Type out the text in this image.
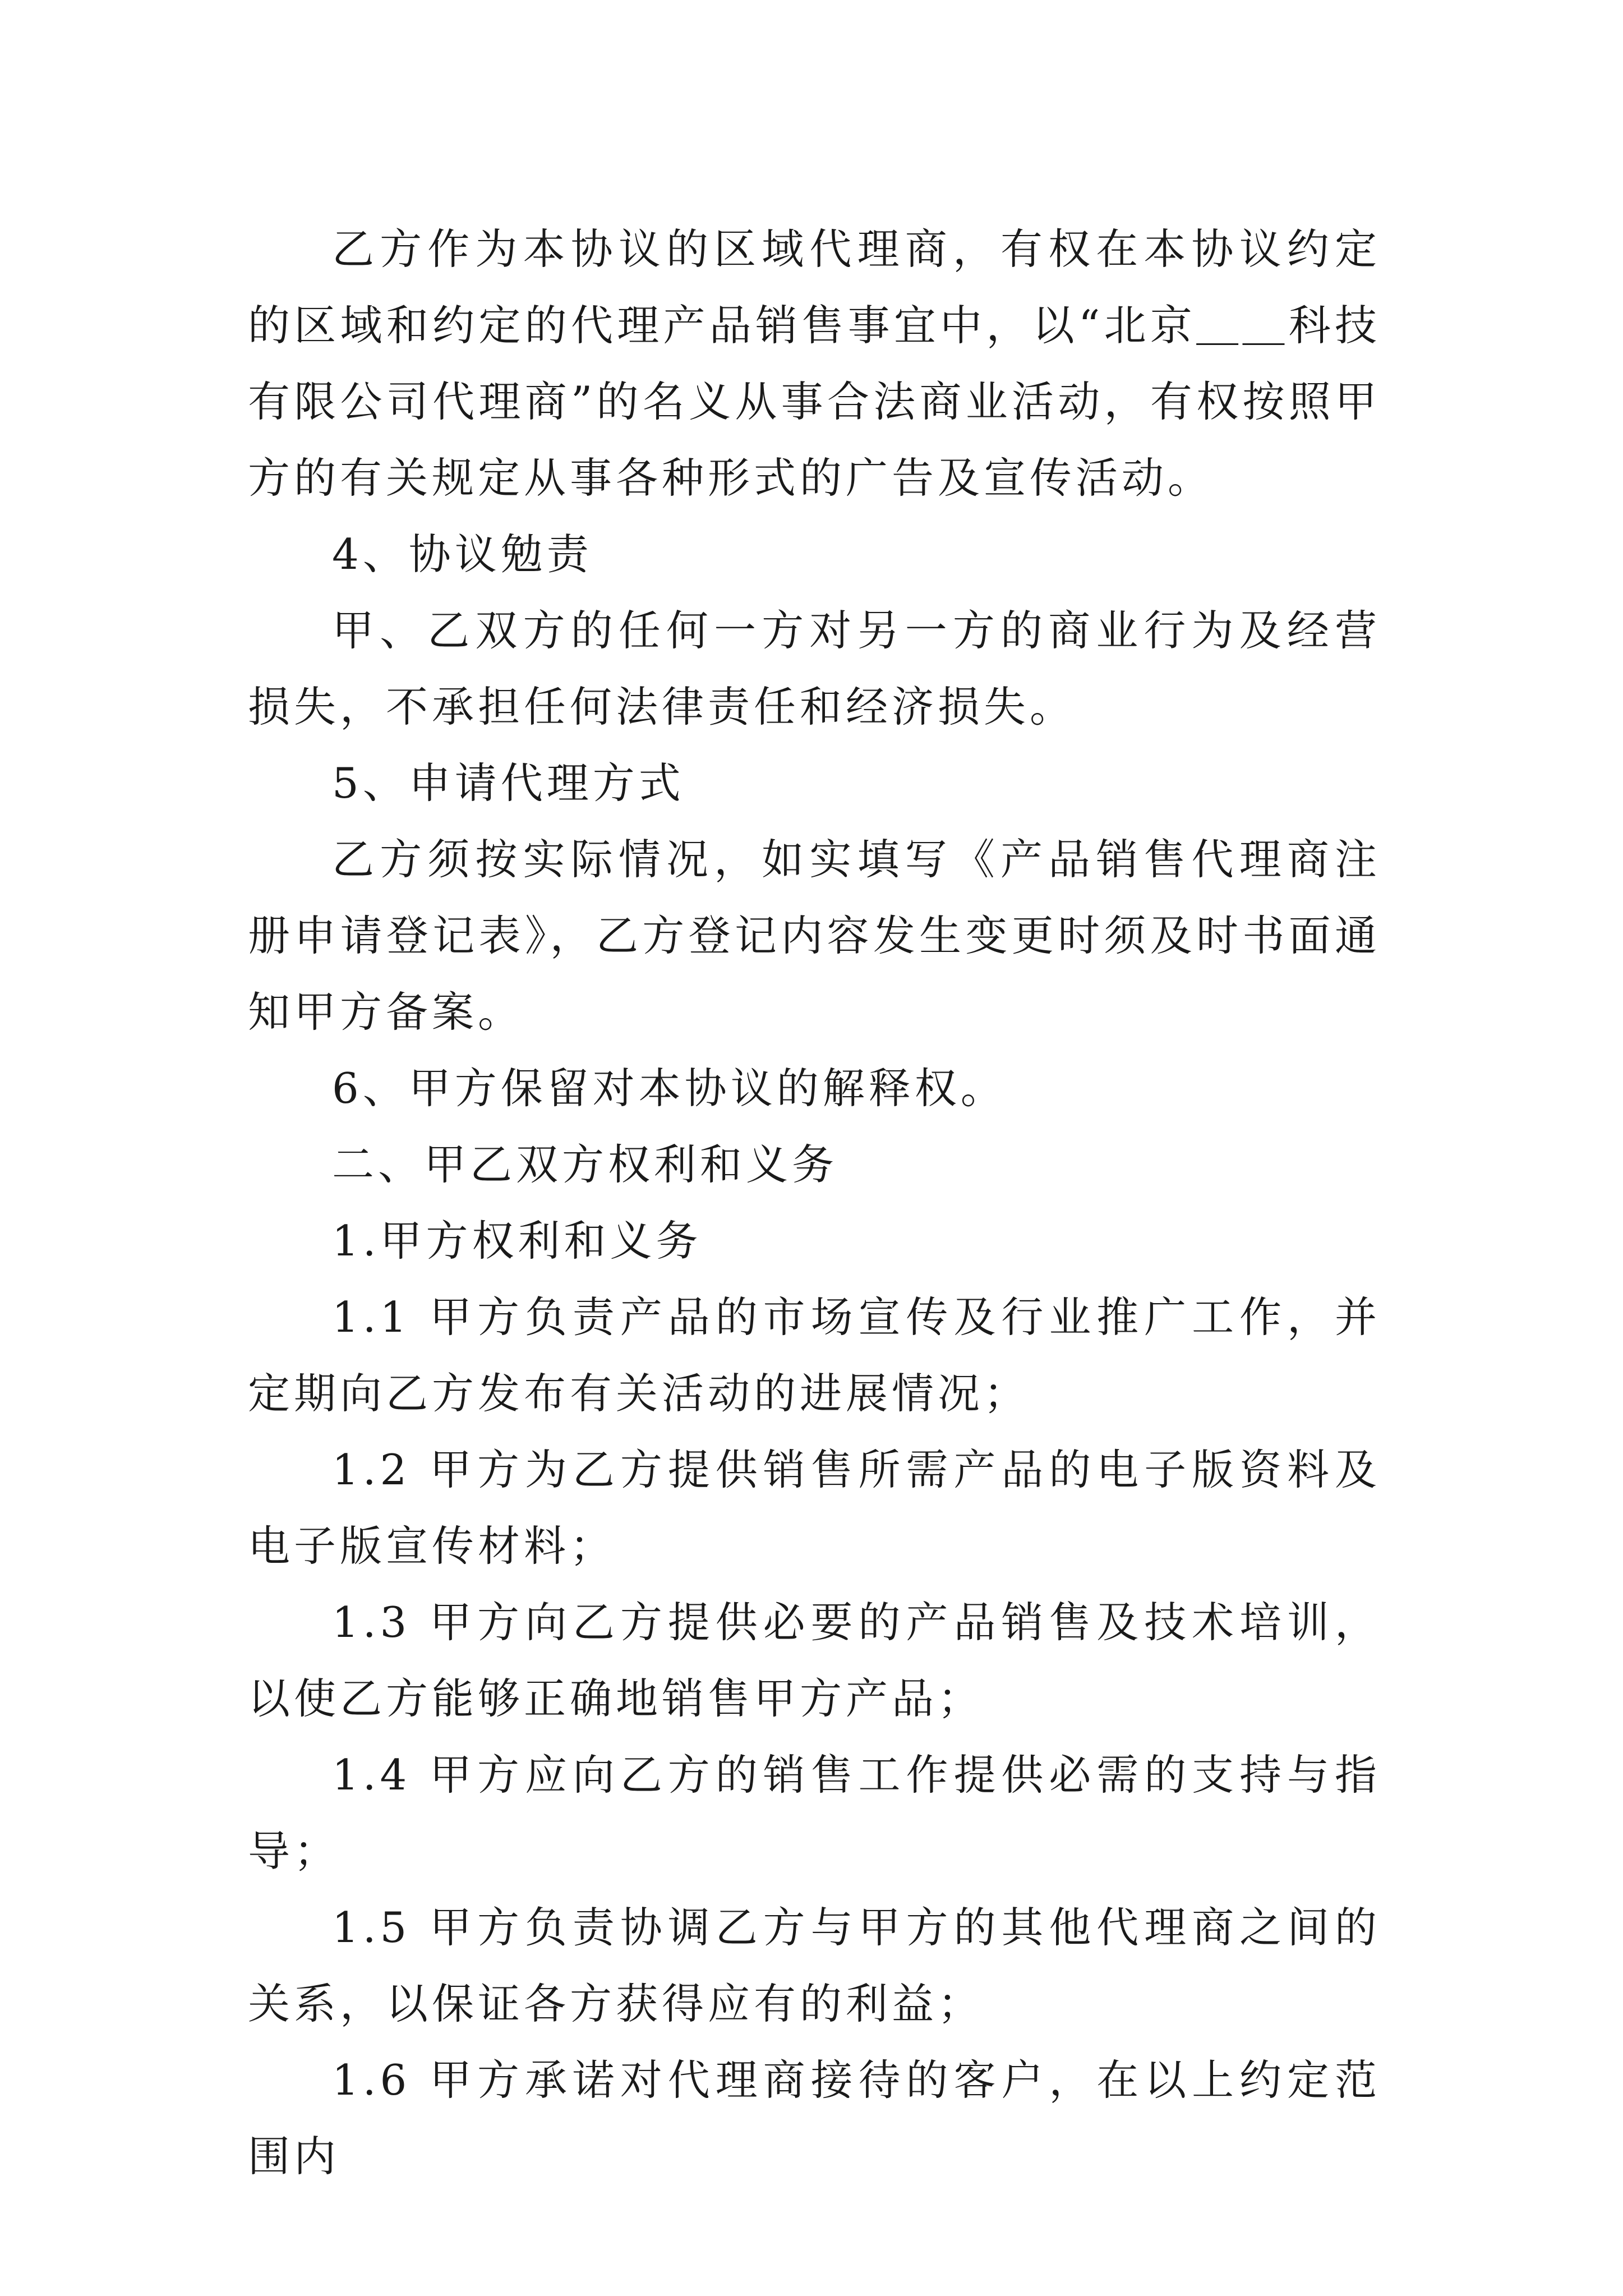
乙方作为本协议的区域代理商，有权在本协议约定的区域和约定的代理产品销售事宜中，以“北京＿＿科技有限公司代理商”的名义从事合法商业活动，有权按照甲方的有关规定从事各种形式的广告及宣传活动。

4、协议勉责

甲、乙双方的任何一方对另一方的商业行为及经营损失，不承担任何法律责任和经济损失。

5、申请代理方式

乙方须按实际情况，如实填写《产品销售代理商注册申请登记表》，乙方登记内容发生变更时须及时书面通知甲方备案。

6、甲方保留对本协议的解释权。

二、甲乙双方权利和义务

1.甲方权利和义务

1.1 甲方负责产品的市场宣传及行业推广工作，并定期向乙方发布有关活动的进展情况；

1.2 甲方为乙方提供销售所需产品的电子版资料及电子版宣传材料；

1.3 甲方向乙方提供必要的产品销售及技术培训，以使乙方能够正确地销售甲方产品；

1.4 甲方应向乙方的销售工作提供必需的支持与指导；

1.5 甲方负责协调乙方与甲方的其他代理商之间的关系，以保证各方获得应有的利益；

1.6 甲方承诺对代理商接待的客户，在以上约定范围内
